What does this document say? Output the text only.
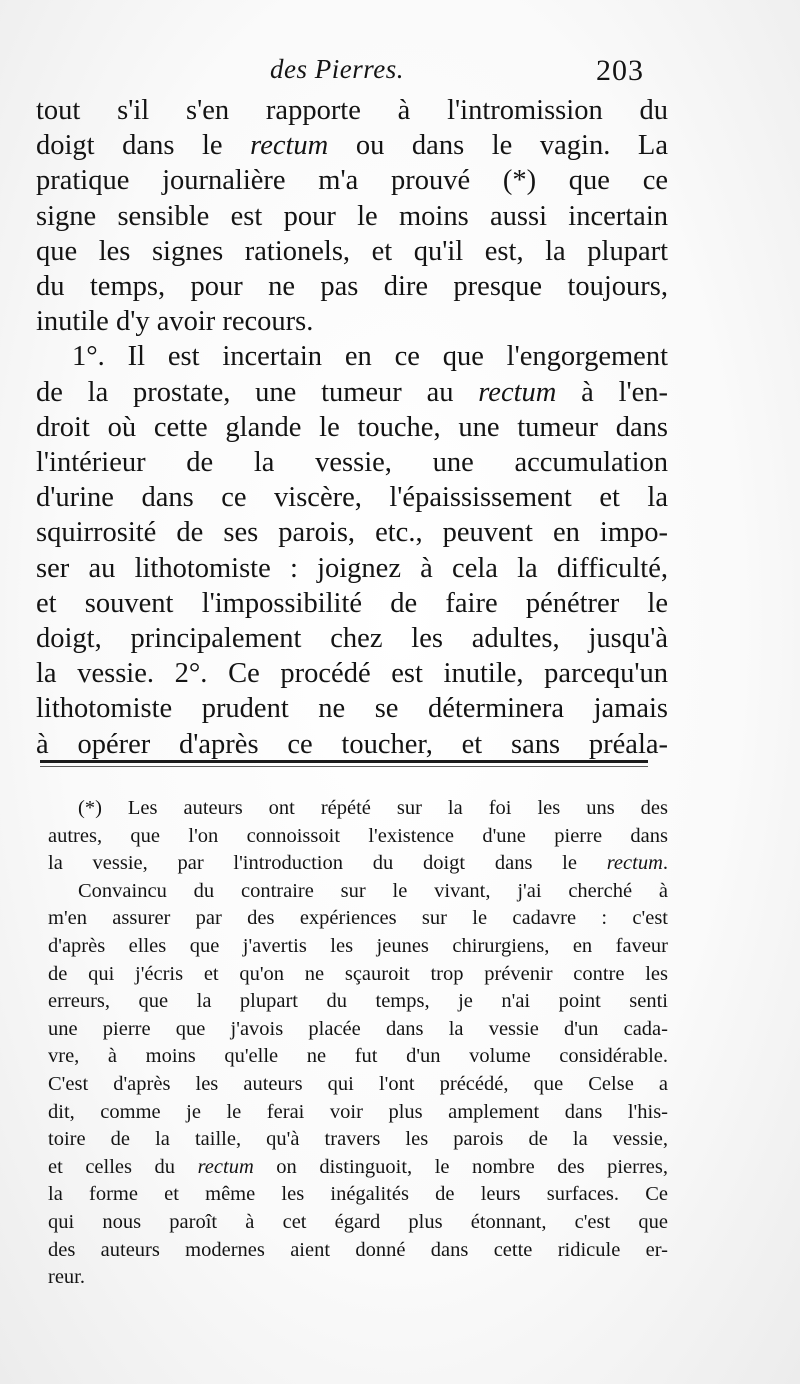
des Pierres.	203
tout s'il s'en rapporte à l'intromission du
doigt dans le rectum ou dans le vagin. La
pratique journalière m'a prouvé (*) que ce
signe sensible est pour le moins aussi incertain
que les signes rationels, et qu'il est, la plupart
du temps, pour ne pas dire presque toujours,
inutile d'y avoir recours.
1°. Il est incertain en ce que l'engorgement
de la prostate, une tumeur au rectum à l'en-
droit où cette glande le touche, une tumeur dans
l'intérieur de la vessie, une accumulation
d'urine dans ce viscère, l'épaississement et la
squirrosité de ses parois, etc., peuvent en impo-
ser au lithotomiste : joignez à cela la difficulté,
et souvent l'impossibilité de faire pénétrer le
doigt, principalement chez les adultes, jusqu'à
la vessie. 2°. Ce procédé est inutile, parcequ'un
lithotomiste prudent ne se déterminera jamais
à opérer d'après ce toucher, et sans préala-
(*) Les auteurs ont répété sur la foi les uns des
autres, que l'on connoissoit l'existence d'une pierre dans
la vessie, par l'introduction du doigt dans le rectum.
Convaincu du contraire sur le vivant, j'ai cherché à
m'en assurer par des expériences sur le cadavre : c'est
d'après elles que j'avertis les jeunes chirurgiens, en faveur
de qui j'écris et qu'on ne sçauroit trop prévenir contre les
erreurs, que la plupart du temps, je n'ai point senti
une pierre que j'avois placée dans la vessie d'un cada-
vre, à moins qu'elle ne fut d'un volume considérable.
C'est d'après les auteurs qui l'ont précédé, que Celse a
dit, comme je le ferai voir plus amplement dans l'his-
toire de la taille, qu'à travers les parois de la vessie,
et celles du rectum on distinguoit, le nombre des pierres,
la forme et même les inégalités de leurs surfaces. Ce
qui nous paroît à cet égard plus étonnant, c'est que
des auteurs modernes aient donné dans cette ridicule er-
reur.
